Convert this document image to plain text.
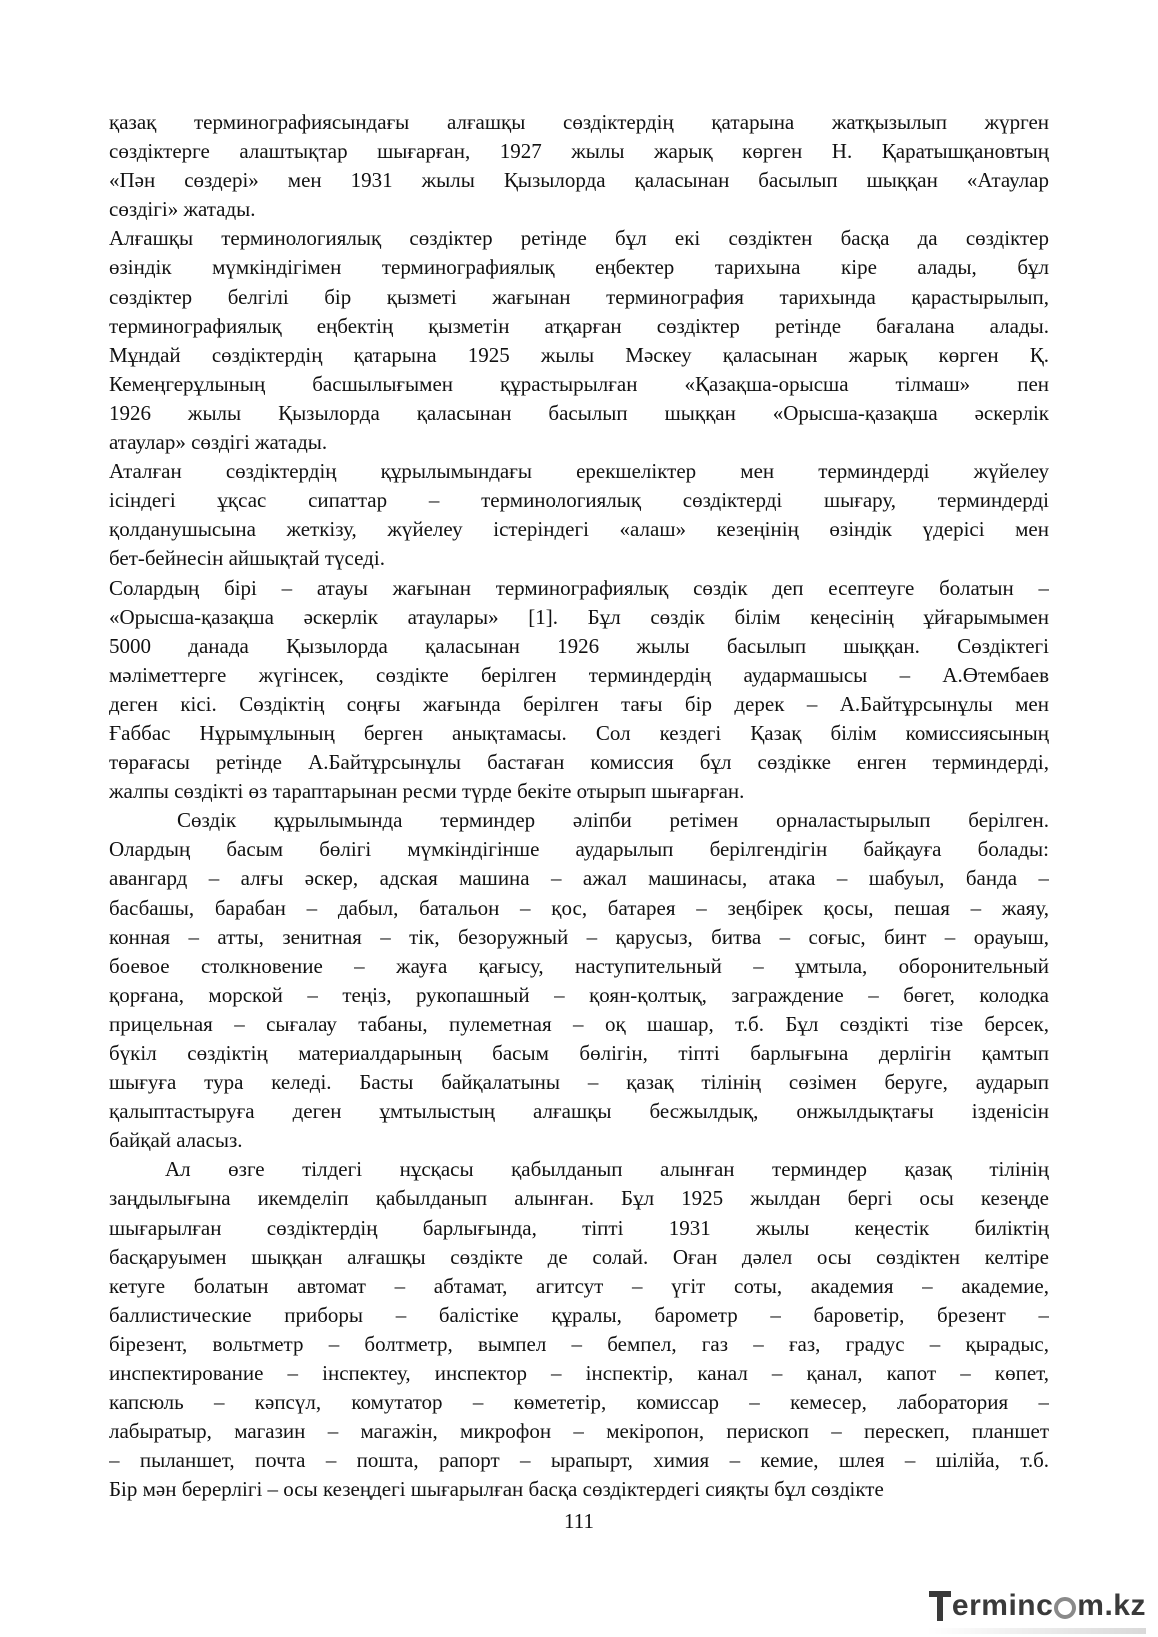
қазақ терминографиясындағы алғашқы сөздіктердің қатарына жатқызылып жүрген
сөздіктерге алаштықтар шығарған, 1927 жылы жарық көрген Н. Қаратышқановтың
«Пән сөздері» мен 1931 жылы Қызылорда қаласынан басылып шыққан «Атаулар
сөздігі» жатады.
Алғашқы терминологиялық сөздіктер ретінде бұл екі сөздіктен басқа да сөздіктер
өзіндік мүмкіндігімен терминографиялық еңбектер тарихына кіре алады, бұл
сөздіктер белгілі бір қызметі жағынан терминография тарихында қарастырылып,
терминографиялық еңбектің қызметін атқарған сөздіктер ретінде бағалана алады.
Мұндай сөздіктердің қатарына 1925 жылы Мәскеу қаласынан жарық көрген Қ.
Кемеңгерұлының басшылығымен құрастырылған «Қазақша-орысша тілмаш» пен
1926 жылы Қызылорда қаласынан басылып шыққан «Орысша-қазақша әскерлік
атаулар» сөздігі жатады.
Аталған сөздіктердің құрылымындағы ерекшеліктер мен терминдерді жүйелеу
ісіндегі ұқсас сипаттар – терминологиялық сөздіктерді шығару, терминдерді
қолданушысына жеткізу, жүйелеу істеріндегі «алаш» кезеңінің өзіндік үдерісі мен
бет-бейнесін айшықтай түседі.
Солардың бірі – атауы жағынан терминографиялық сөздік деп есептеуге болатын –
«Орысша-қазақша әскерлік атаулары» [1]. Бұл сөздік білім кеңесінің ұйғарымымен
5000 данада Қызылорда қаласынан 1926 жылы басылып шыққан. Сөздіктегі
мәліметтерге жүгінсек, сөздікте берілген терминдердің аудармашысы – А.Өтембаев
деген кісі. Сөздіктің соңғы жағында берілген тағы бір дерек – А.Байтұрсынұлы мен
Ғаббас Нұрымұлының берген анықтамасы. Сол кездегі Қазақ білім комиссиясының
төрағасы ретінде А.Байтұрсынұлы бастаған комиссия бұл сөздікке енген терминдерді,
жалпы сөздікті өз тараптарынан ресми түрде бекіте отырып шығарған.
Сөздік құрылымында терминдер әліпби ретімен орналастырылып берілген.
Олардың басым бөлігі мүмкіндігінше аударылып берілгендігін байқауға болады:
авангард – алғы әскер, адская машина – ажал машинасы, атака – шабуыл, банда –
басбашы, барабан – дабыл, батальон – қос, батарея – зеңбірек қосы, пешая – жаяу,
конная – атты, зенитная – тік, безоружный – қарусыз, битва – соғыс, бинт – орауыш,
боевое столкновение – жауға қағысу, наступительный – ұмтыла, оборонительный
қорғана, морской – теңіз, рукопашный – қоян-қолтық, заграждение – бөгет, колодка
прицельная – сығалау табаны, пулеметная – оқ шашар, т.б. Бұл сөздікті тізе берсек,
бүкіл сөздіктің материалдарының басым бөлігін, тіпті барлығына дерлігін қамтып
шығуға тура келеді. Басты байқалатыны – қазақ тілінің сөзімен беруге, аударып
қалыптастыруға деген ұмтылыстың алғашқы бесжылдық, онжылдықтағы ізденісін
байқай аласыз.
Ал өзге тілдегі нұсқасы қабылданып алынған терминдер қазақ тілінің
заңдылығына икемделіп қабылданып алынған. Бұл 1925 жылдан бергі осы кезеңде
шығарылған сөздіктердің барлығында, тіпті 1931 жылы кеңестік биліктің
басқаруымен шыққан алғашқы сөздікте де солай. Оған дәлел осы сөздіктен келтіре
кетуге болатын автомат – абтамат, агитсут – үгіт соты, академия – академие,
баллистические приборы – балістіке құралы, барометр – бароветір, брезент –
бірезент, вольтметр – болтметр, вымпел – бемпел, газ – ғаз, градус – қырадыс,
инспектирование – інспектеу, инспектор – інспектір, канал – қанал, капот – көпет,
капсюль – кәпсүл, комутатор – көмететір, комиссар – кемесер, лаборатория –
лабыратыр, магазин – магажін, микрофон – мекіропон, перископ – перескеп, планшет
– пыланшет, почта – пошта, рапорт – ырапырт, химия – кемие, шлея – шілійа, т.б.
Бір мән берерлігі – осы кезеңдегі шығарылған басқа сөздіктердегі сияқты бұл сөздікте
111
erminc m.kz
